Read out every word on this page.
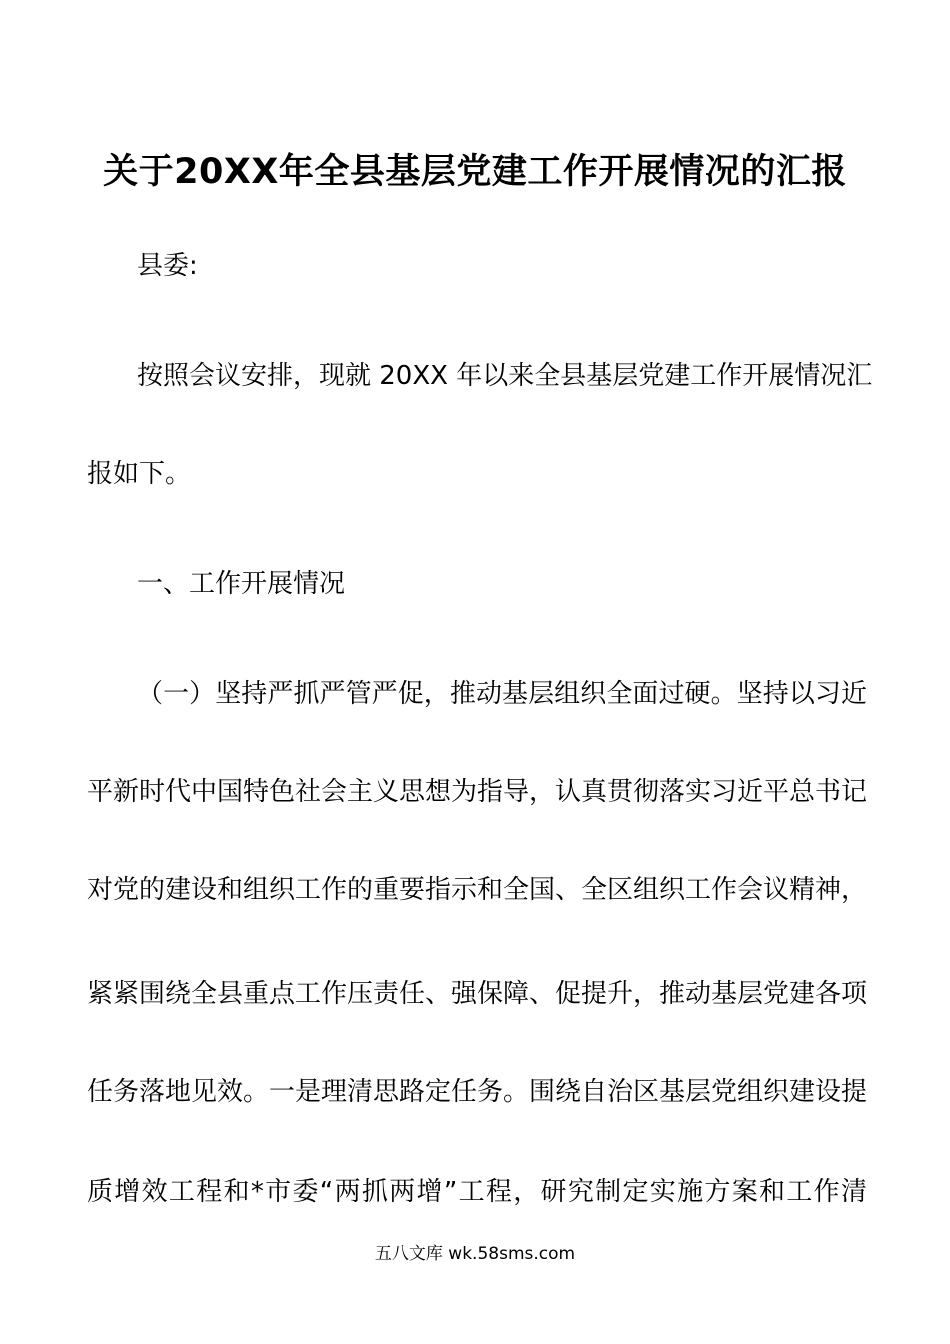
关于20XX年全县基层党建工作开展情况的汇报
县委:
按照会议安排，现就 20XX 年以来全县基层党建工作开展情况汇
报如下。
一、工作开展情况
（一）坚持严抓严管严促，推动基层组织全面过硬。坚持以习近
平新时代中国特色社会主义思想为指导，认真贯彻落实习近平总书记
对党的建设和组织工作的重要指示和全国、全区组织工作会议精神，
紧紧围绕全县重点工作压责任、强保障、促提升，推动基层党建各项
任务落地见效。一是理清思路定任务。围绕自治区基层党组织建设提
质增效工程和*市委“两抓两增”工程，研究制定实施方案和工作清
五八文库 wk.58sms.com
